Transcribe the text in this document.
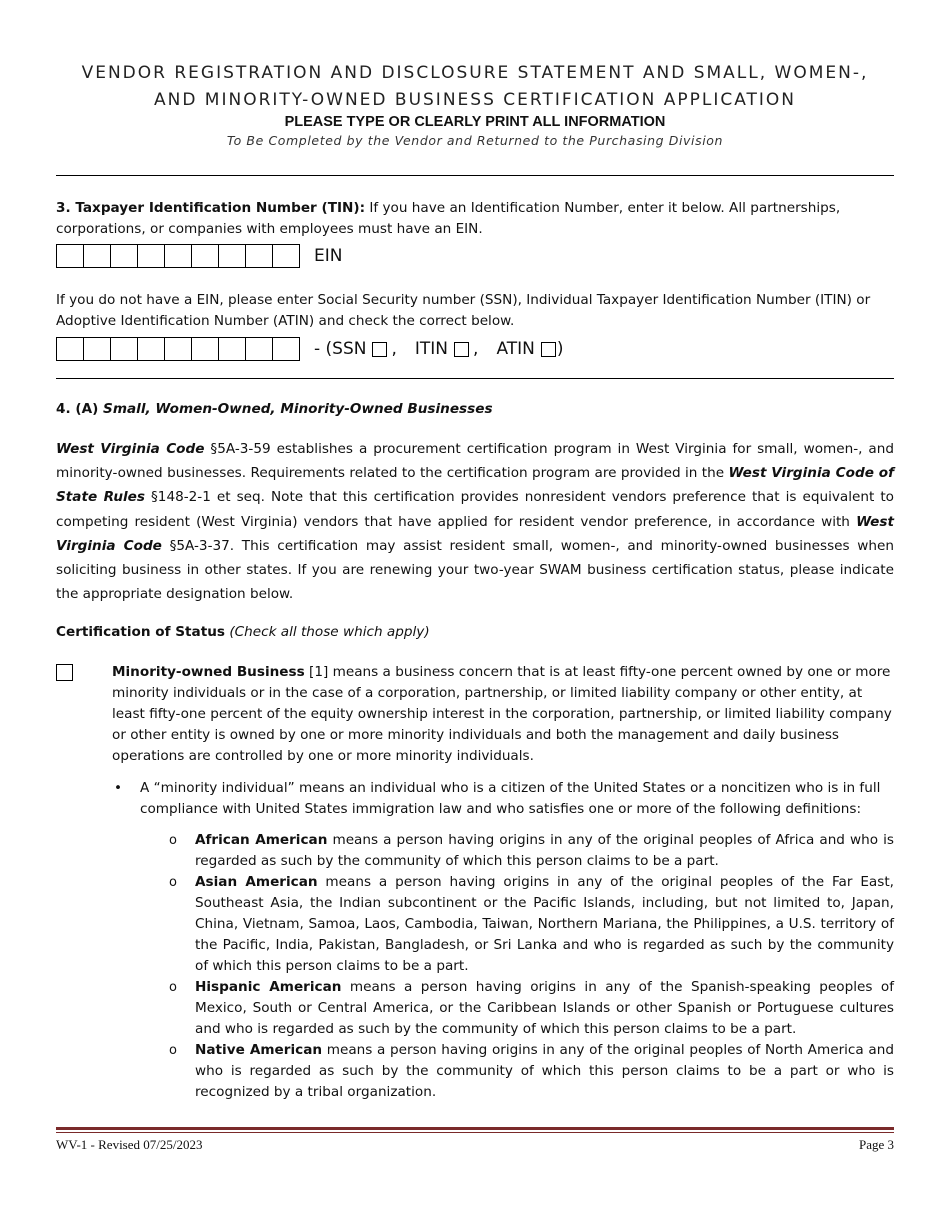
VENDOR REGISTRATION AND DISCLOSURE STATEMENT AND SMALL, WOMEN-,
AND MINORITY-OWNED BUSINESS CERTIFICATION APPLICATION
PLEASE TYPE OR CLEARLY PRINT ALL INFORMATION
To Be Completed by the Vendor and Returned to the Purchasing Division
3. Taxpayer Identification Number (TIN): If you have an Identification Number, enter it below. All partnerships, corporations, or companies with employees must have an EIN.
EIN
If you do not have a EIN, please enter Social Security number (SSN), Individual Taxpayer Identification Number (ITIN) or Adoptive Identification Number (ATIN) and check the correct below.
- ( SSN , ITIN , ATIN )
4. (A) Small, Women-Owned, Minority-Owned Businesses
West Virginia Code §5A-3-59 establishes a procurement certification program in West Virginia for small, women-, and minority-owned businesses. Requirements related to the certification program are provided in the West Virginia Code of State Rules §148-2-1 et seq. Note that this certification provides nonresident vendors preference that is equivalent to competing resident (West Virginia) vendors that have applied for resident vendor preference, in accordance with West Virginia Code §5A-3-37. This certification may assist resident small, women-, and minority-owned businesses when soliciting business in other states. If you are renewing your two-year SWAM business certification status, please indicate the appropriate designation below.
Certification of Status (Check all those which apply)
Minority-owned Business [1] means a business concern that is at least fifty-one percent owned by one or more minority individuals or in the case of a corporation, partnership, or limited liability company or other entity, at least fifty-one percent of the equity ownership interest in the corporation, partnership, or limited liability company or other entity is owned by one or more minority individuals and both the management and daily business operations are controlled by one or more minority individuals.
• A “minority individual” means an individual who is a citizen of the United States or a noncitizen who is in full compliance with United States immigration law and who satisfies one or more of the following definitions:
o African American means a person having origins in any of the original peoples of Africa and who is regarded as such by the community of which this person claims to be a part.
o Asian American means a person having origins in any of the original peoples of the Far East, Southeast Asia, the Indian subcontinent or the Pacific Islands, including, but not limited to, Japan, China, Vietnam, Samoa, Laos, Cambodia, Taiwan, Northern Mariana, the Philippines, a U.S. territory of the Pacific, India, Pakistan, Bangladesh, or Sri Lanka and who is regarded as such by the community of which this person claims to be a part.
o Hispanic American means a person having origins in any of the Spanish-speaking peoples of Mexico, South or Central America, or the Caribbean Islands or other Spanish or Portuguese cultures and who is regarded as such by the community of which this person claims to be a part.
o Native American means a person having origins in any of the original peoples of North America and who is regarded as such by the community of which this person claims to be a part or who is recognized by a tribal organization.
WV-1 - Revised 07/25/2023	Page 3
